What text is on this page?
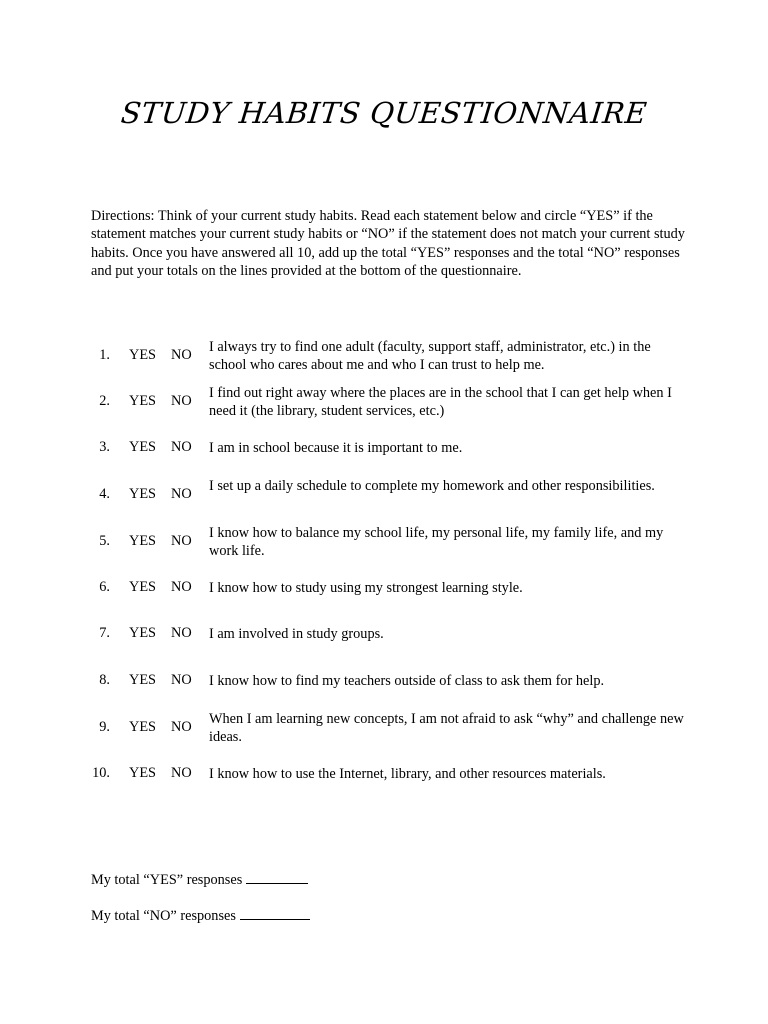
STUDY HABITS QUESTIONNAIRE
Directions: Think of your current study habits. Read each statement below and circle “YES” if the statement matches your current study habits or “NO” if the statement does not match your current study habits. Once you have answered all 10, add up the total “YES” responses and the total “NO” responses and put your totals on the lines provided at the bottom of the questionnaire.
1. YES NO I always try to find one adult (faculty, support staff, administrator, etc.) in the school who cares about me and who I can trust to help me.
2. YES NO I find out right away where the places are in the school that I can get help when I need it (the library, student services, etc.)
3. YES NO I am in school because it is important to me.
4. YES NO I set up a daily schedule to complete my homework and other responsibilities.
5. YES NO I know how to balance my school life, my personal life, my family life, and my work life.
6. YES NO I know how to study using my strongest learning style.
7. YES NO I am involved in study groups.
8. YES NO I know how to find my teachers outside of class to ask them for help.
9. YES NO When I am learning new concepts, I am not afraid to ask “why” and challenge new ideas.
10. YES NO I know how to use the Internet, library, and other resources materials.
My total “YES” responses
My total “NO” responses
